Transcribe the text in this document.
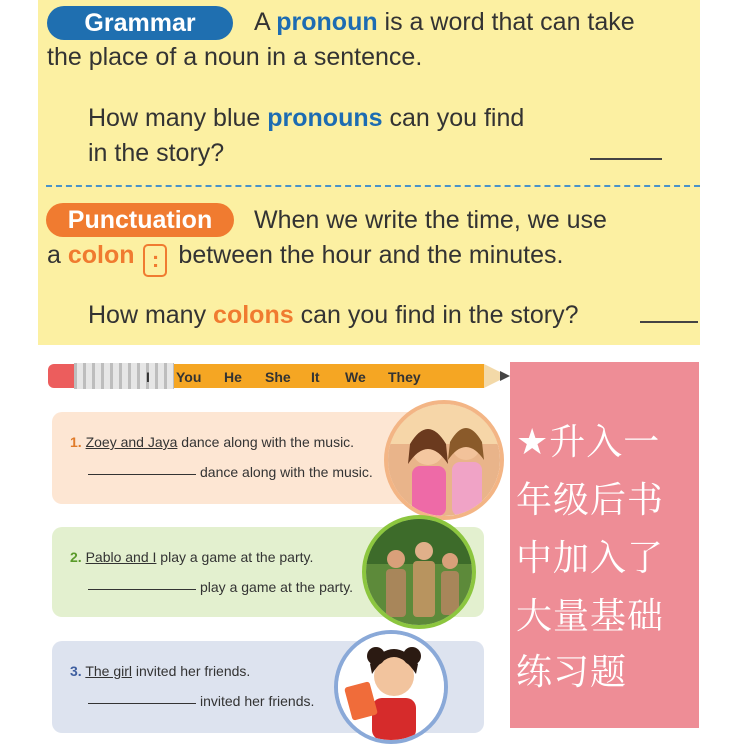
Grammar	A pronoun is a word that can take
the place of a noun in a sentence.
How many blue pronouns can you find
in the story?
Punctuation	When we write the time, we use
a colon : between the hour and the minutes.
How many colons can you find in the story?
I You He She It We They
1. Zoey and Jaya dance along with the music.
dance along with the music.
2. Pablo and I play a game at the party.
play a game at the party.
3. The girl invited her friends.
invited her friends.
★升入一
年级后书
中加入了
大量基础
练习题
